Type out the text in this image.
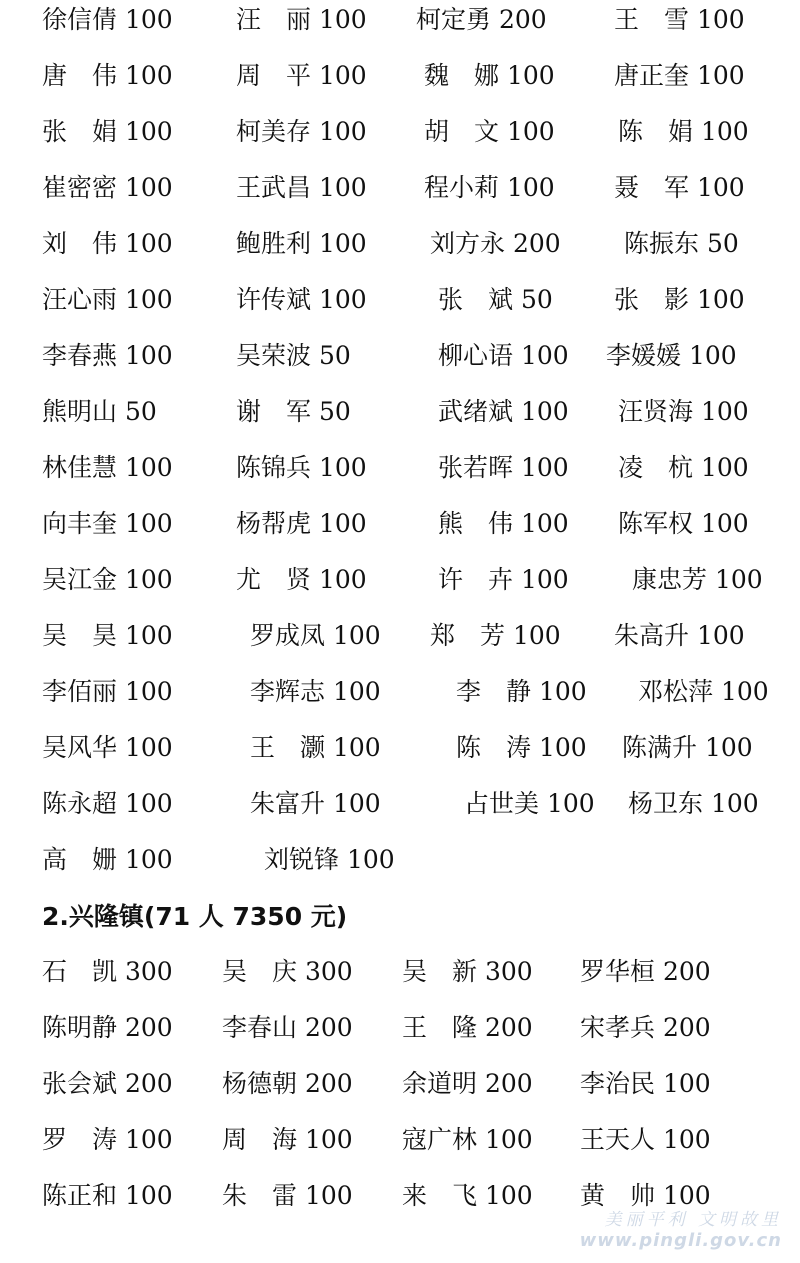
徐信倩 100	汪　丽 100 柯定勇 200	王　雪 100
唐　伟 100	周　平 100 魏　娜 100 唐正奎 100
张　娟 100	柯美存 100 胡　文 100	陈　娟 100
崔密密 100	王武昌 100 程小莉 100 聂　军 100
刘　伟 100	鲍胜利 100	刘方永 200	陈振东 50
汪心雨 100	许传斌 100	张　斌 50 张　影 100
李春燕 100	吴荣波 50	柳心语 100 李媛媛 100
熊明山 50	谢　军 50	武绪斌 100 汪贤海 100
林佳慧 100	陈锦兵 100	张若晖 100 凌　杭 100
向丰奎 100	杨帮虎 100	熊　伟 100 陈军权 100
吴江金 100	尤　贤 100	许　卉 100	康忠芳 100
吴　昊 100	罗成凤 100 郑　芳 100 朱高升 100
李佰丽 100	李辉志 100	李　静 100 邓松萍 100
吴风华 100	王　灏 100	陈　涛 100 陈满升 100
陈永超 100	朱富升 100	占世美 100 杨卫东 100
高　姗 100	刘锐锋 100
2.兴隆镇(71 人 7350 元)
石　凯 300 吴　庆 300 吴　新 300 罗华桓 200
陈明静 200 李春山 200 王　隆 200 宋孝兵 200
张会斌 200 杨德朝 200 余道明 200 李治民 100
罗　涛 100 周　海 100 寇广林 100 王天人 100
陈正和 100 朱　雷 100 来　飞 100 黄　帅 100
美丽平利 文明故里
www.pingli.gov.cn
